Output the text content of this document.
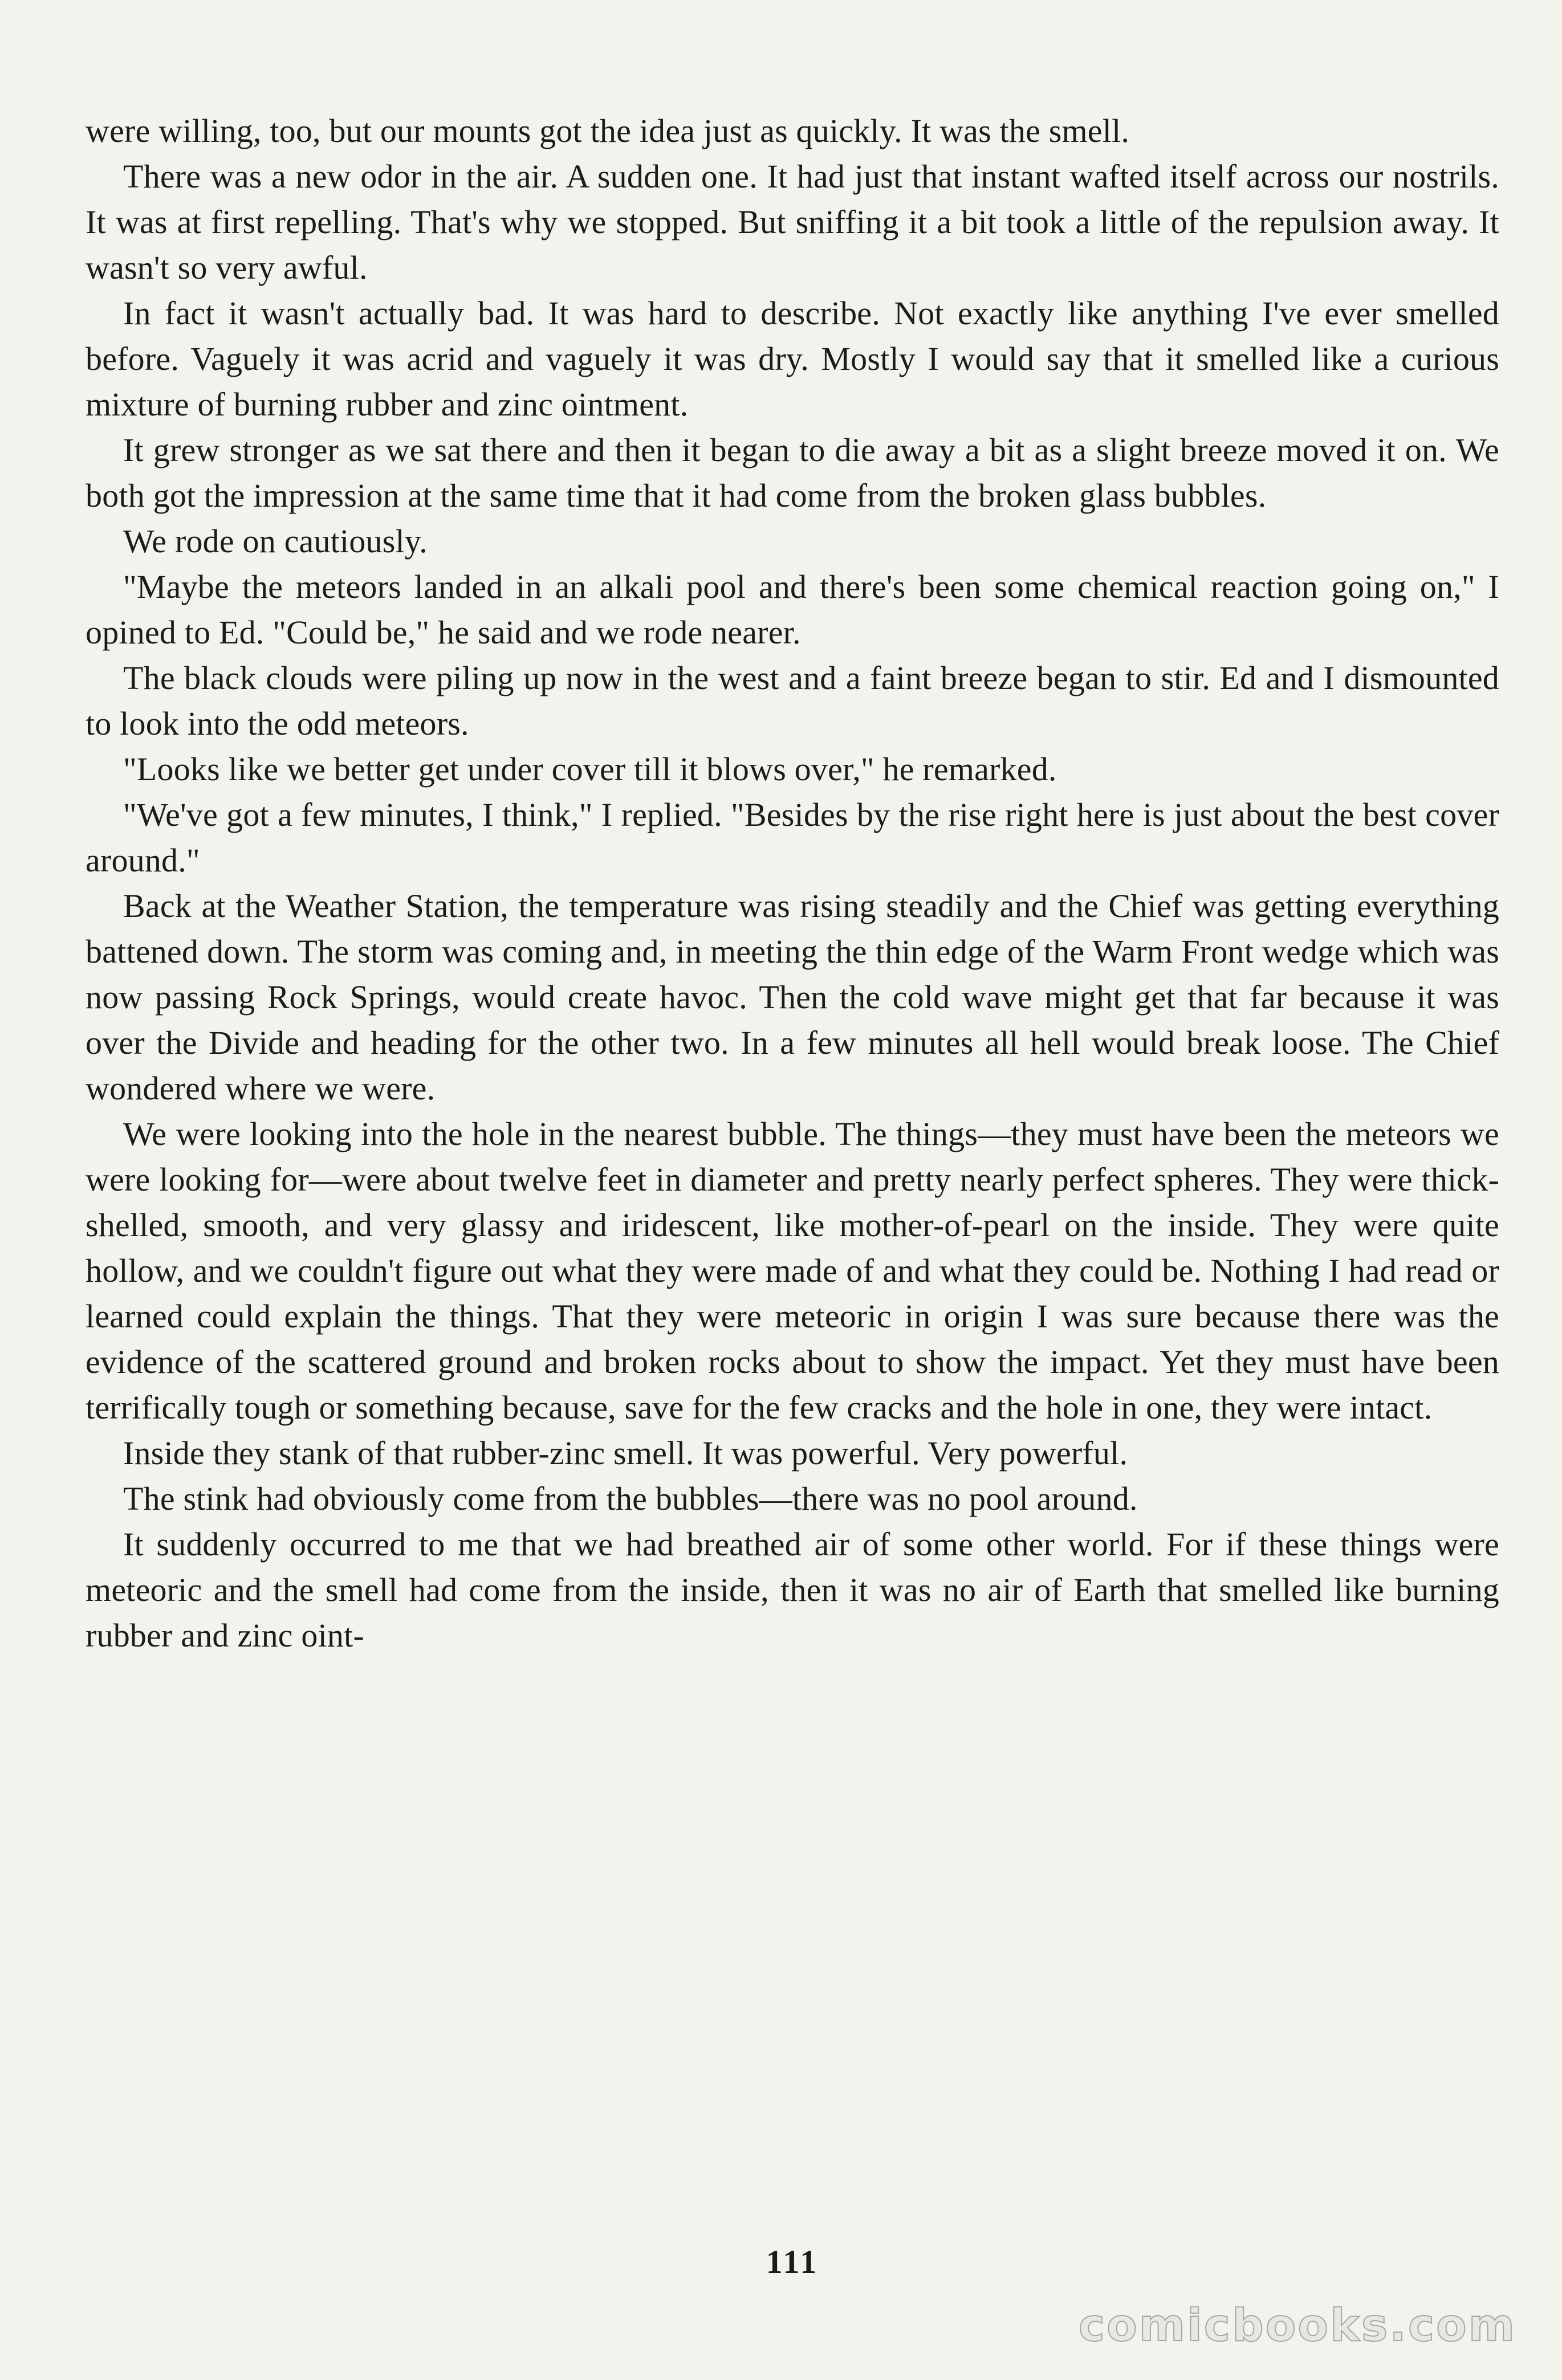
were willing, too, but our mounts got the idea just as quickly. It was the smell.

There was a new odor in the air. A sudden one. It had just that instant wafted itself across our nostrils. It was at first repelling. That's why we stopped. But sniffing it a bit took a little of the repulsion away. It wasn't so very awful.

In fact it wasn't actually bad. It was hard to describe. Not exactly like anything I've ever smelled before. Vaguely it was acrid and vaguely it was dry. Mostly I would say that it smelled like a curious mixture of burning rubber and zinc ointment.

It grew stronger as we sat there and then it began to die away a bit as a slight breeze moved it on. We both got the impression at the same time that it had come from the broken glass bubbles.

We rode on cautiously.

"Maybe the meteors landed in an alkali pool and there's been some chemical reaction going on," I opined to Ed. "Could be," he said and we rode nearer.

The black clouds were piling up now in the west and a faint breeze began to stir. Ed and I dismounted to look into the odd meteors.

"Looks like we better get under cover till it blows over," he remarked.

"We've got a few minutes, I think," I replied. "Besides by the rise right here is just about the best cover around."

Back at the Weather Station, the temperature was rising steadily and the Chief was getting everything battened down. The storm was coming and, in meeting the thin edge of the Warm Front wedge which was now passing Rock Springs, would create havoc. Then the cold wave might get that far because it was over the Divide and heading for the other two. In a few minutes all hell would break loose. The Chief wondered where we were.

We were looking into the hole in the nearest bubble. The things—they must have been the meteors we were looking for—were about twelve feet in diameter and pretty nearly perfect spheres. They were thick-shelled, smooth, and very glassy and iridescent, like mother-of-pearl on the inside. They were quite hollow, and we couldn't figure out what they were made of and what they could be. Nothing I had read or learned could explain the things. That they were meteoric in origin I was sure because there was the evidence of the scattered ground and broken rocks about to show the impact. Yet they must have been terrifically tough or something because, save for the few cracks and the hole in one, they were intact.

Inside they stank of that rubber-zinc smell. It was powerful. Very powerful.

The stink had obviously come from the bubbles—there was no pool around.

It suddenly occurred to me that we had breathed air of some other world. For if these things were meteoric and the smell had come from the inside, then it was no air of Earth that smelled like burning rubber and zinc oint-

111
comicbooks.com
